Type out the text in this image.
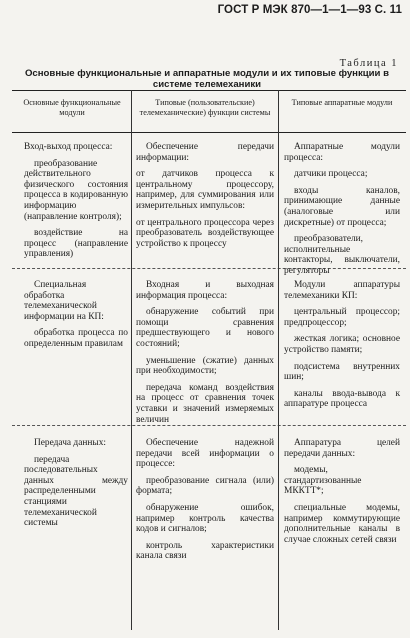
ГОСТ Р МЭК 870—1—1—93 С. 11
Таблица 1
Основные функциональные и аппаратные модули и их типовые функции в системе телемеханики
Основные функциональные модули
Типовые (пользовательские) телемеханические) функции системы
Типовые аппаратные модули
Вход-выход процесса:
преобразование действительного физического состояния процесса в кодированную информацию (направление контроля);
воздействие на процесс (направление управления)
Обеспечение передачи информации:
от датчиков процесса к центральному процессору, например, для суммирования или измерительных импульсов:
от центрального процессора через преобразователь воздействующее устройство к процессу
Аппаратные модули процесса:
датчики процесса;
входы каналов, принимающие данные (аналоговые или дискретные) от процесса;
преобразователи, исполнительные контакторы, выключатели, регуляторы
Специальная обработка телемеханической информации на КП:
обработка процесса по определенным правилам
Входная и выходная информация процесса:
обнаружение событий при помощи сравнения предшествующего и нового состояний;
уменьшение (сжатие) данных при необходимости;
передача команд воздействия на процесс от сравнения точек уставки и значений измеряемых величин
Модули аппаратуры телемеханики КП:
центральный процессор; предпроцессор;
жесткая логика; основное устройство памяти;
подсистема внутренних шин;
каналы ввода-вывода к аппаратуре процесса
Передача данных:
передача последовательных данных между распределенными станциями телемеханической системы
Обеспечение надежной передачи всей информации о процессе:
преобразование сигнала (или) формата;
обнаружение ошибок, например контроль качества кодов и сигналов;
контроль характеристики канала связи
Аппаратура целей передачи данных:
модемы, стандартизованные МККТТ*;
специальные модемы, например коммутирующие дополнительные каналы в случае сложных сетей связи
